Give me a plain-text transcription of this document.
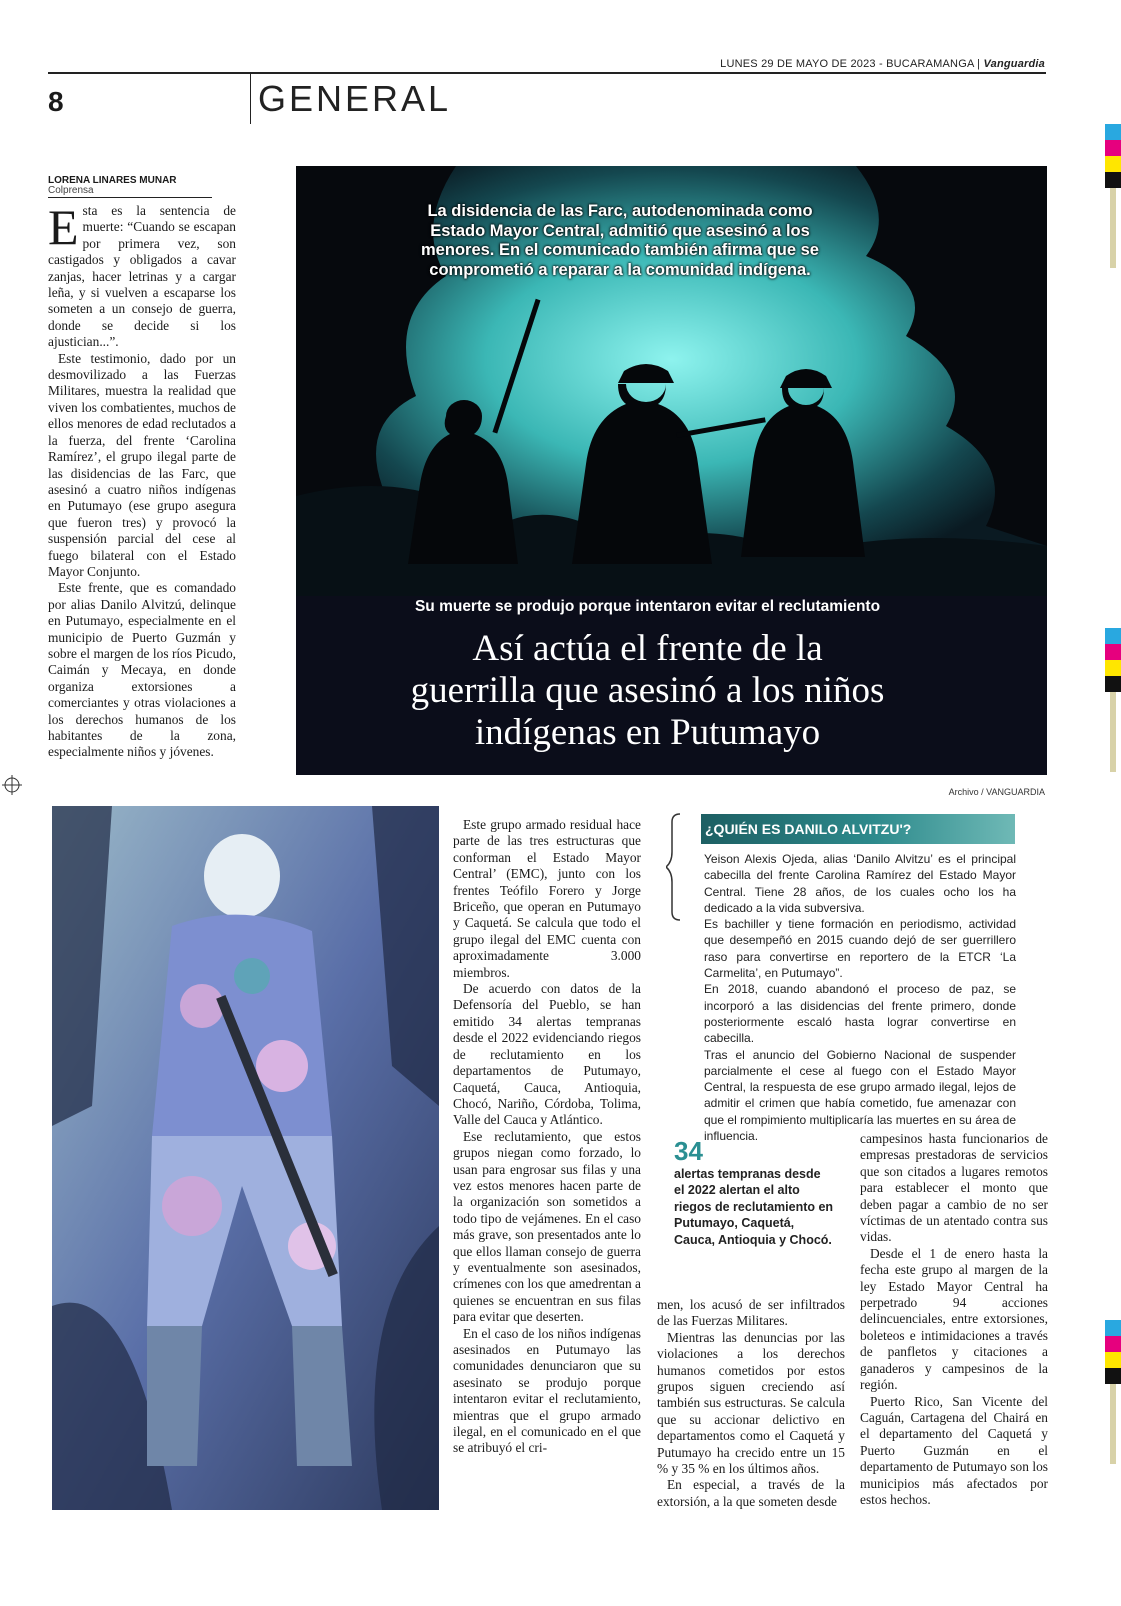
LUNES 29 DE MAYO DE 2023 - BUCARAMANGA | Vanguardia
8	GENERAL
LORENA LINARES MUNAR
Colprensa

Esta es la sentencia de muerte: “Cuando se escapan por primera vez, son castigados y obligados a cavar zanjas, hacer letrinas y a cargar leña, y si vuelven a escaparse los someten a un consejo de guerra, donde se decide si los ajustician...”.

Este testimonio, dado por un desmovilizado a las Fuerzas Militares, muestra la realidad que viven los combatientes, muchos de ellos menores de edad reclutados a la fuerza, del frente ‘Carolina Ramírez’, el grupo ilegal parte de las disidencias de las Farc, que asesinó a cuatro niños indígenas en Putumayo (ese grupo asegura que fueron tres) y provocó la suspensión parcial del cese al fuego bilateral con el Estado Mayor Conjunto.

Este frente, que es comandado por alias Danilo Alvitzú, delinque en Putumayo, especialmente en el municipio de Puerto Guzmán y sobre el margen de los ríos Picudo, Caimán y Mecaya, en donde organiza extorsiones a comerciantes y otras violaciones a los derechos humanos de los habitantes de la zona, especialmente niños y jóvenes.

La disidencia de las Farc, autodenominada como Estado Mayor Central, admitió que asesinó a los menores. En el comunicado también afirma que se comprometió a reparar a la comunidad indígena.
Su muerte se produjo porque intentaron evitar el reclutamiento
Así actúa el frente de la
guerrilla que asesinó a los niños
indígenas en Putumayo
Archivo / VANGUARDIA

Este grupo armado residual hace parte de las tres estructuras que conforman el Estado Mayor Central’ (EMC), junto con los frentes Teófilo Forero y Jorge Briceño, que operan en Putumayo y Caquetá. Se calcula que todo el grupo ilegal del EMC cuenta con aproximadamente 3.000 miembros.

De acuerdo con datos de la Defensoría del Pueblo, se han emitido 34 alertas tempranas desde el 2022 evidenciando riegos de reclutamiento en los departamentos de Putumayo, Caquetá, Cauca, Antioquia, Chocó, Nariño, Córdoba, Tolima, Valle del Cauca y Atlántico.

Ese reclutamiento, que estos grupos niegan como forzado, lo usan para engrosar sus filas y una vez estos menores hacen parte de la organización son sometidos a todo tipo de vejámenes. En el caso más grave, son presentados ante lo que ellos llaman consejo de guerra y eventualmente son asesinados, crímenes con los que amedrentan a quienes se encuentran en sus filas para evitar que deserten.

En el caso de los niños indígenas asesinados en Putumayo las comunidades denunciaron que su asesinato se produjo porque intentaron evitar el reclutamiento, mientras que el grupo armado ilegal, en el comunicado en el que se atribuyó el cri-

¿QUIÉN ES DANILO ALVITZU'?

Yeison Alexis Ojeda, alias ‘Danilo Alvitzu’ es el principal cabecilla del frente Carolina Ramírez del Estado Mayor Central. Tiene 28 años, de los cuales ocho los ha dedicado a la vida subversiva.

Es bachiller y tiene formación en periodismo, actividad que desempeñó en 2015 cuando dejó de ser guerrillero raso para convertirse en reportero de la ETCR ‘La Carmelita’, en Putumayo”.

En 2018, cuando abandonó el proceso de paz, se incorporó a las disidencias del frente primero, donde posteriormente escaló hasta lograr convertirse en cabecilla.

Tras el anuncio del Gobierno Nacional de suspender parcialmente el cese al fuego con el Estado Mayor Central, la respuesta de ese grupo armado ilegal, lejos de admitir el crimen que había cometido, fue amenazar con que el rompimiento multiplicaría las muertes en su área de influencia.

34
alertas tempranas desde el 2022 alertan el alto riegos de reclutamiento en Putumayo, Caquetá, Cauca, Antioquia y Chocó.

men, los acusó de ser infiltrados de las Fuerzas Militares.

Mientras las denuncias por las violaciones a los derechos humanos cometidos por estos grupos siguen creciendo así también sus estructuras. Se calcula que su accionar delictivo en departamentos como el Caquetá y Putumayo ha crecido entre un 15 % y 35 % en los últimos años.

En especial, a través de la extorsión, a la que someten desde

campesinos hasta funcionarios de empresas prestadoras de servicios que son citados a lugares remotos para establecer el monto que deben pagar a cambio de no ser víctimas de un atentado contra sus vidas.

Desde el 1 de enero hasta la fecha este grupo al margen de la ley Estado Mayor Central ha perpetrado 94 acciones delincuenciales, entre extorsiones, boleteos e intimidaciones a través de panfletos y citaciones a ganaderos y campesinos de la región.

Puerto Rico, San Vicente del Caguán, Cartagena del Chairá en el departamento del Caquetá y Puerto Guzmán en el departamento de Putumayo son los municipios más afectados por estos hechos.
